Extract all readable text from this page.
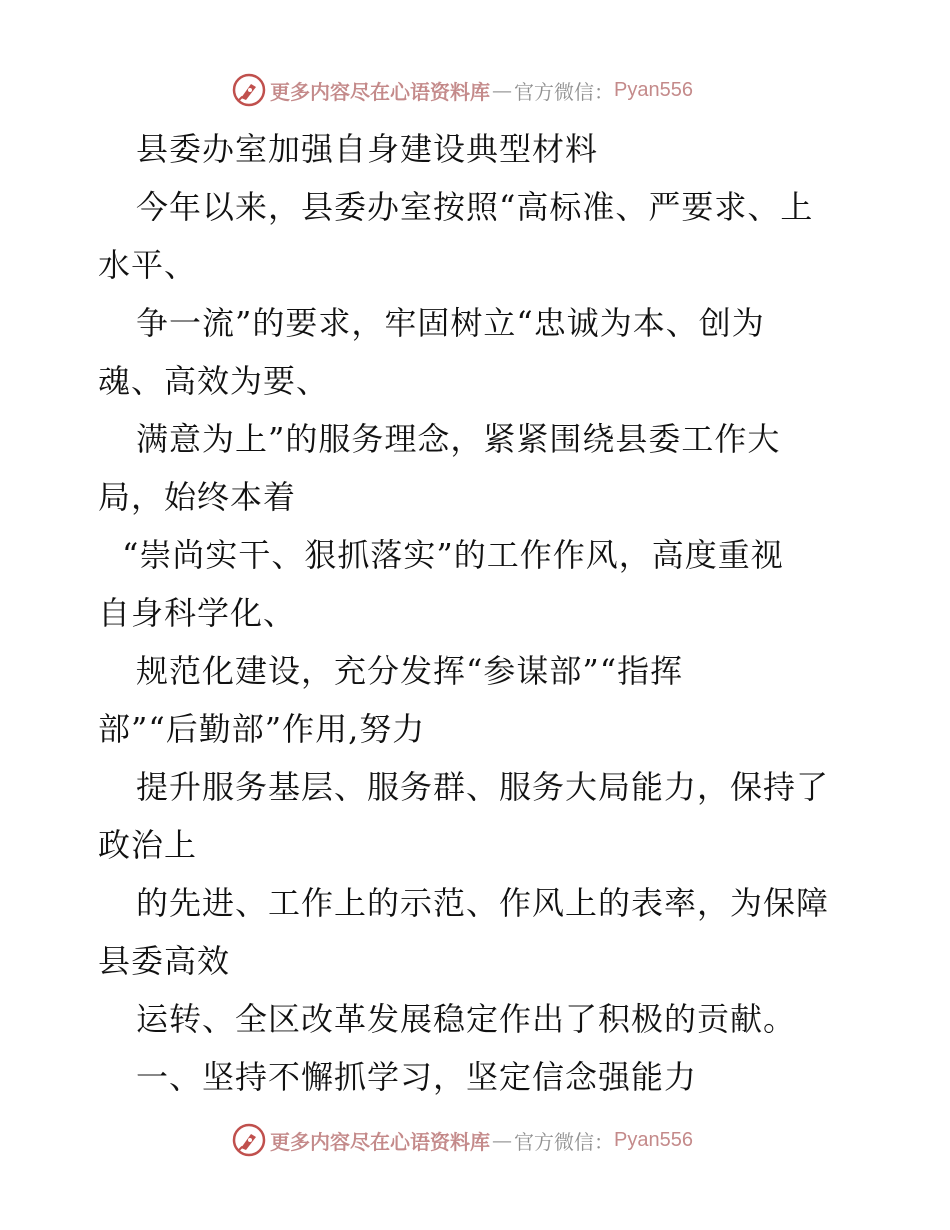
更多内容尽在心语资料库 — 官方微信： Pyan556
县委办室加强自身建设典型材料
今年以来，县委办室按照“高标准、严要求、上
水平、
争一流”的要求，牢固树立“忠诚为本、创为
魂、高效为要、
满意为上”的服务理念，紧紧围绕县委工作大
局，始终本着
“崇尚实干、狠抓落实”的工作作风，高度重视
自身科学化、
规范化建设，充分发挥“参谋部”“指挥
部”“后勤部”作用,努力
提升服务基层、服务群、服务大局能力，保持了
政治上
的先进、工作上的示范、作风上的表率，为保障
县委高效
运转、全区改革发展稳定作出了积极的贡献。
一、坚持不懈抓学习，坚定信念强能力
更多内容尽在心语资料库 — 官方微信： Pyan556
